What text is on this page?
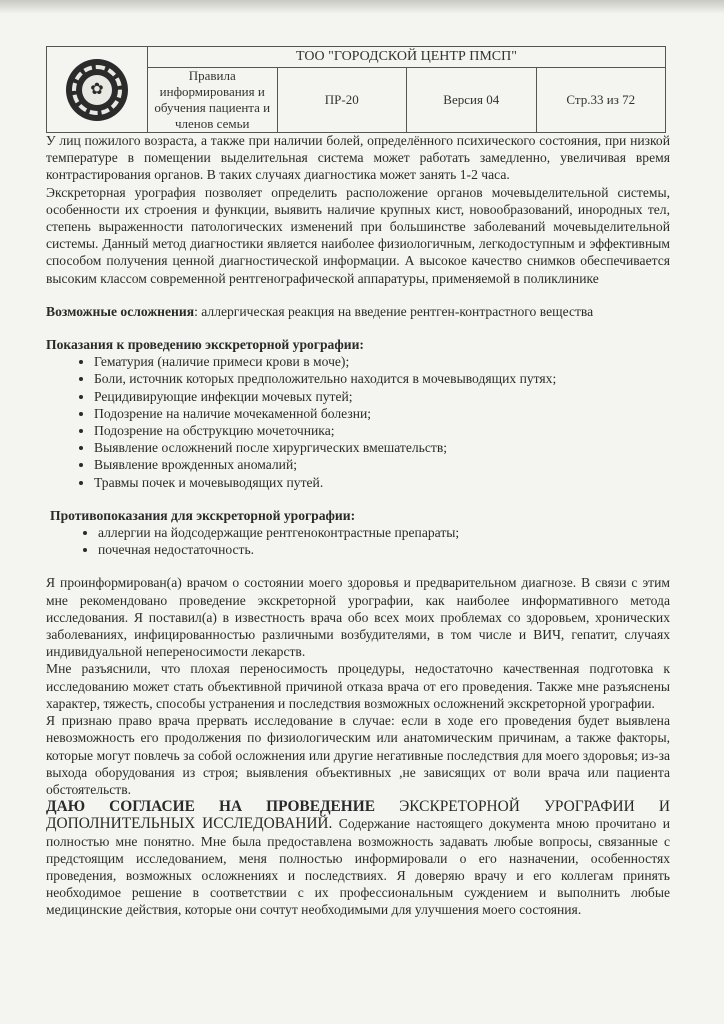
✿	ТОО "ГОРОДСКОЙ ЦЕНТР ПМСП"			
	Правила информирования и обучения пациента и членов семьи	ПР-20	Версия 04	Стр.33 из 72

У лиц пожилого возраста, а также при наличии болей, определённого психического состояния, при низкой температуре в помещении выделительная система может работать замедленно, увеличивая время контрастирования органов. В таких случаях диагностика может занять 1-2 часа.

Экскреторная урография позволяет определить расположение органов мочевыделительной системы, особенности их строения и функции, выявить наличие крупных кист, новообразований, инородных тел, степень выраженности патологических изменений при большинстве заболеваний мочевыделительной системы. Данный метод диагностики является наиболее физиологичным, легкодоступным и эффективным способом получения ценной диагностической информации. А высокое качество снимков обеспечивается высоким классом современной рентгенографической аппаратуры, применяемой в поликлинике

Возможные осложнения: аллергическая реакция на введение рентген-контрастного вещества

Показания к проведению экскреторной урографии:

• Гематурия (наличие примеси крови в моче);
• Боли, источник которых предположительно находится в мочевыводящих путях;
• Рецидивирующие инфекции мочевых путей;
• Подозрение на наличие мочекаменной болезни;
• Подозрение на обструкцию мочеточника;
• Выявление осложнений после хирургических вмешательств;
• Выявление врожденных аномалий;
• Травмы почек и мочевыводящих путей.

Противопоказания для экскреторной урографии:

• аллергии на йодсодержащие рентгеноконтрастные препараты;
• почечная недостаточность.

Я проинформирован(а) врачом о состоянии моего здоровья и предварительном диагнозе. В связи с этим мне рекомендовано проведение экскреторной урографии, как наиболее информативного метода исследования. Я поставил(а) в известность врача обо всех моих проблемах со здоровьем, хронических заболеваниях, инфицированностью различными возбудителями, в том числе и ВИЧ, гепатит, случаях индивидуальной непереносимости лекарств.

Мне разъяснили, что плохая переносимость процедуры, недостаточно качественная подготовка к исследованию может стать объективной причиной отказа врача от его проведения. Также мне разъяснены характер, тяжесть, способы устранения и последствия возможных осложнений экскреторной урографии.

Я признаю право врача прервать исследование в случае: если в ходе его проведения будет выявлена невозможность его продолжения по физиологическим или анатомическим причинам, а также факторы, которые могут повлечь за собой осложнения или другие негативные последствия для моего здоровья; из-за выхода оборудования из строя; выявления объективных ,не зависящих от воли врача или пациента обстоятельств.

ДАЮ СОГЛАСИЕ НА ПРОВЕДЕНИЕ ЭКСКРЕТОРНОЙ УРОГРАФИИ И ДОПОЛНИТЕЛЬНЫХ ИССЛЕДОВАНИЙ. Содержание настоящего документа мною прочитано и полностью мне понятно. Мне была предоставлена возможность задавать любые вопросы, связанные с предстоящим исследованием, меня полностью информировали о его назначении, особенностях проведения, возможных осложнениях и последствиях. Я доверяю врачу и его коллегам принять необходимое решение в соответствии с их профессиональным суждением и выполнить любые медицинские действия, которые они сочтут необходимыми для улучшения моего состояния.
